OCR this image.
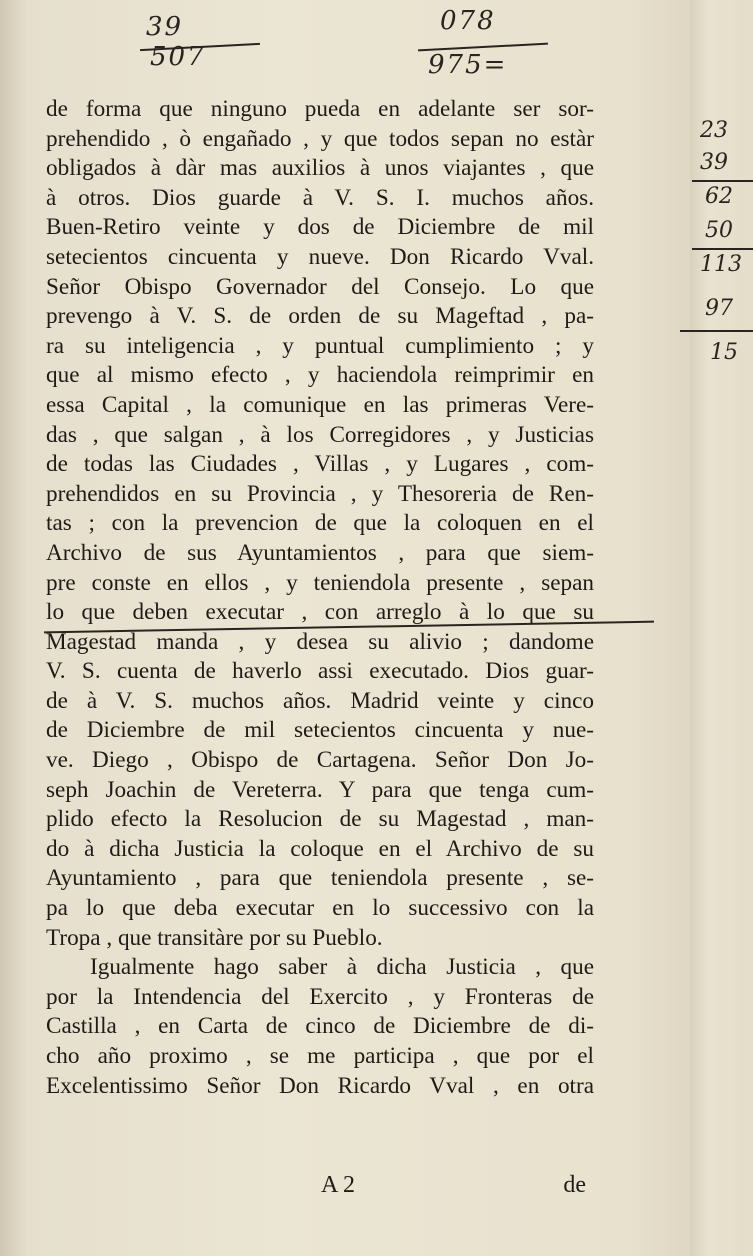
39
507
078
975=
23
39
62
50
113
97
15
de forma que ninguno pueda en adelante ser sor-
prehendido , ò engañado , y que todos sepan no estàr
obligados à dàr mas auxilios à unos viajantes , que
à otros. Dios guarde à V. S. I. muchos años.
Buen-Retiro veinte y dos de Diciembre de mil
setecientos cincuenta y nueve. Don Ricardo Vval.
Señor Obispo Governador del Consejo. Lo que
prevengo à V. S. de orden de su Mageftad , pa-
ra su inteligencia , y puntual cumplimiento ; y
que al mismo efecto , y haciendola reimprimir en
essa Capital , la comunique en las primeras Vere-
das , que salgan , à los Corregidores , y Justicias
de todas las Ciudades , Villas , y Lugares , com-
prehendidos en su Provincia , y Thesoreria de Ren-
tas ; con la prevencion de que la coloquen en el
Archivo de sus Ayuntamientos , para que siem-
pre conste en ellos , y teniendola presente , sepan
lo que deben executar , con arreglo à lo que su
Magestad manda , y desea su alivio ; dandome
V. S. cuenta de haverlo assi executado. Dios guar-
de à V. S. muchos años. Madrid veinte y cinco
de Diciembre de mil setecientos cincuenta y nue-
ve. Diego , Obispo de Cartagena. Señor Don Jo-
seph Joachin de Vereterra. Y para que tenga cum-
plido efecto la Resolucion de su Magestad , man-
do à dicha Justicia la coloque en el Archivo de su
Ayuntamiento , para que teniendola presente , se-
pa lo que deba executar en lo successivo con la
Tropa , que transitàre por su Pueblo.
Igualmente hago saber à dicha Justicia , que
por la Intendencia del Exercito , y Fronteras de
Castilla , en Carta de cinco de Diciembre de di-
cho año proximo , se me participa , que por el
Excelentissimo Señor Don Ricardo Vval , en otra
A 2	de
